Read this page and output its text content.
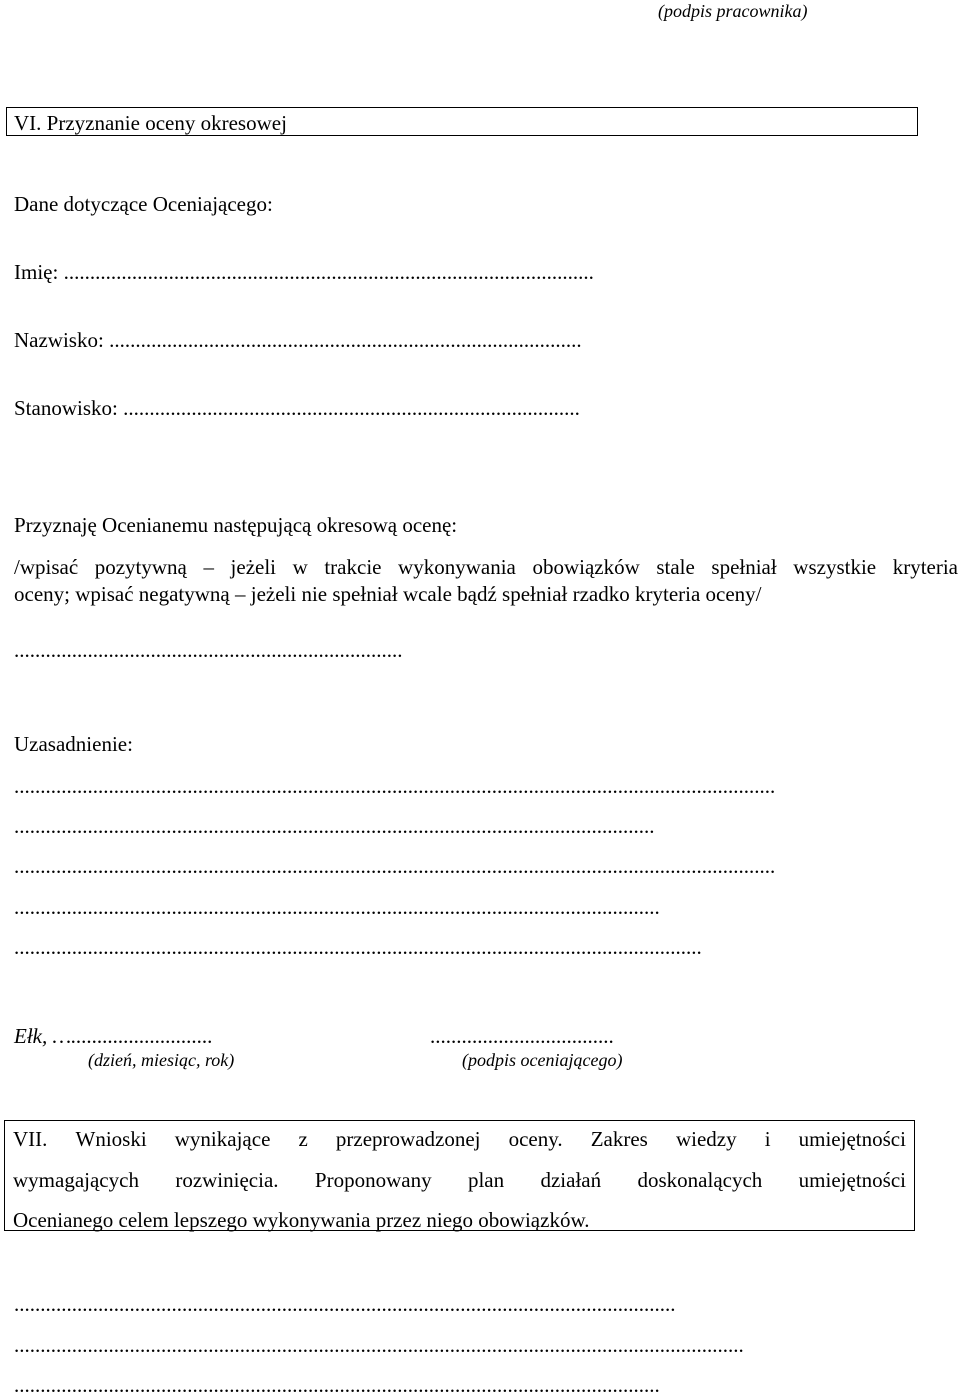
(podpis pracownika)
VI. Przyznanie oceny okresowej
Dane dotyczące Oceniającego:
Imię: .....................................................................................................
Nazwisko: ..........................................................................................
Stanowisko: .......................................................................................
Przyznaję Ocenianemu następującą okresową ocenę:
/wpisać pozytywną – jeżeli w trakcie wykonywania obowiązków stale spełniał wszystkie kryteria
oceny; wpisać negatywną – jeżeli nie spełniał wcale bądź spełniał rzadko kryteria oceny/
..........................................................................
Uzasadnienie:
.................................................................................................................................................
..........................................................................................................................
.................................................................................................................................................
...........................................................................................................................
...................................................................................................................................
Ełk, …...........................	...................................
(dzień, miesiąc, rok)	(podpis oceniającego)
VII. Wnioski wynikające z przeprowadzonej oceny. Zakres wiedzy i umiejętności
wymagających rozwinięcia. Proponowany plan działań doskonalących umiejętności
Ocenianego celem lepszego wykonywania przez niego obowiązków.
..............................................................................................................................
...........................................................................................................................................
...........................................................................................................................
